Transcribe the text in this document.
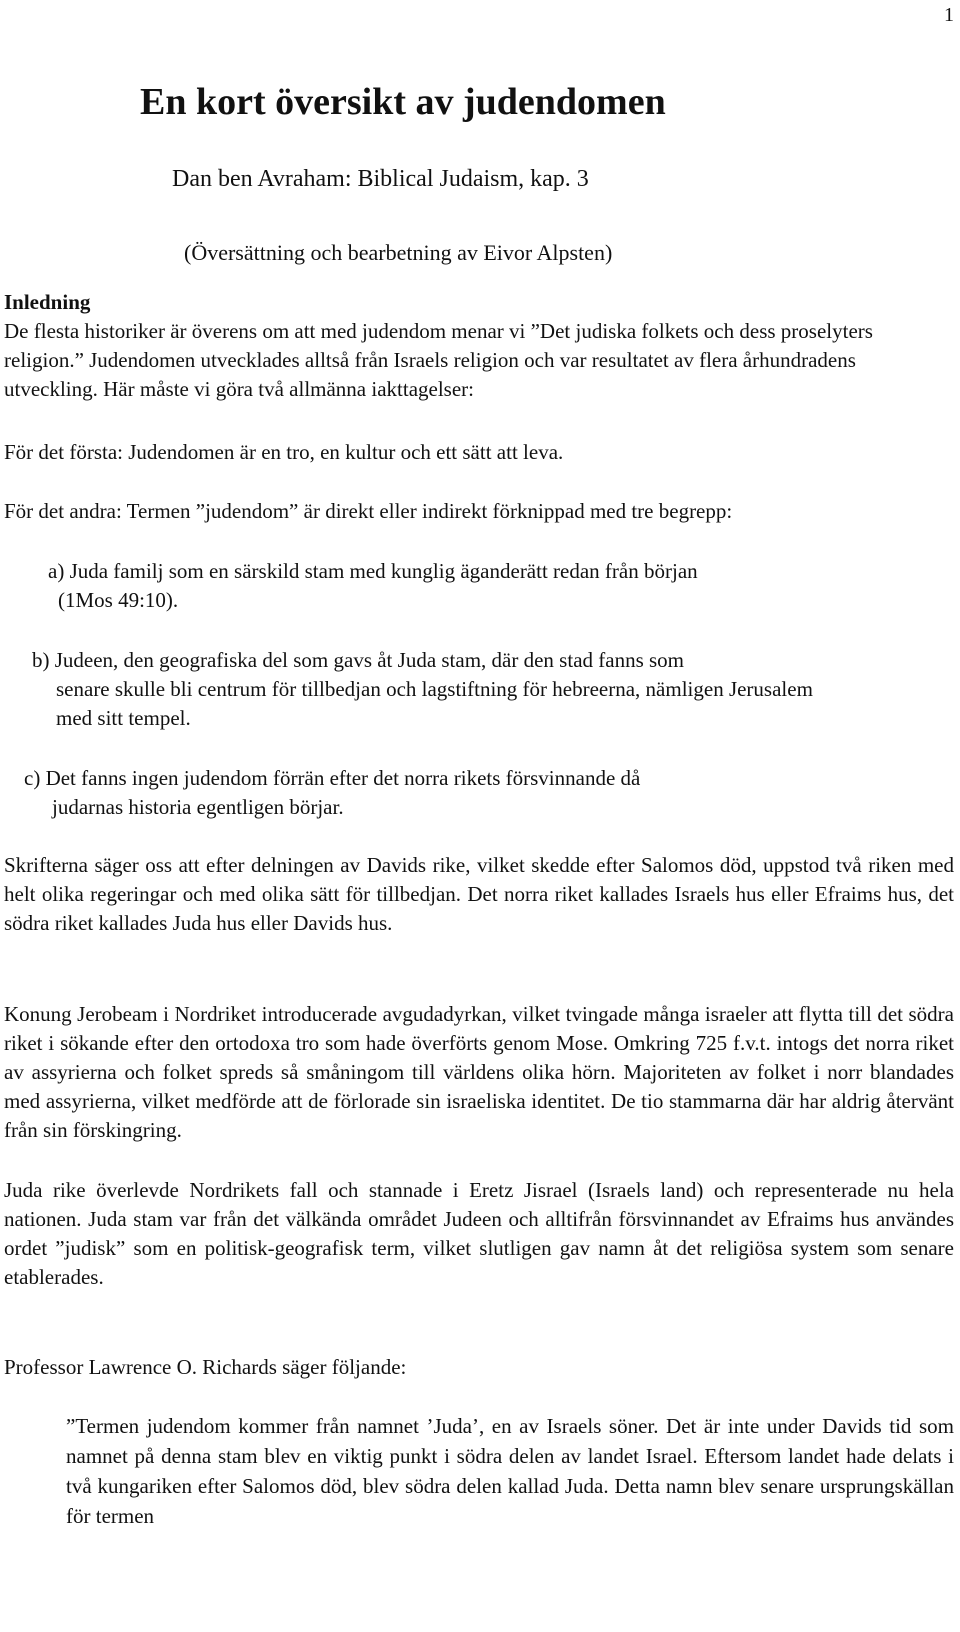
1
En kort översikt av judendomen
Dan ben Avraham: Biblical Judaism, kap. 3
(Översättning och bearbetning av Eivor Alpsten)
Inledning
De flesta historiker är överens om att med judendom menar vi ”Det judiska folkets och dess proselyters religion.” Judendomen utvecklades alltså från Israels religion och var resultatet av flera århundradens utveckling. Här måste vi göra två allmänna iakttagelser:

För det första: Judendomen är en tro, en kultur och ett sätt att leva.

För det andra: Termen ”judendom” är direkt eller indirekt förknippad med tre begrepp:

a) Juda familj som en särskild stam med kunglig äganderätt redan från början
(1Mos 49:10).
b) Judeen, den geografiska del som gavs åt Juda stam, där den stad fanns som
senare skulle bli centrum för tillbedjan och lagstiftning för hebreerna, nämligen Jerusalem med sitt tempel.
c) Det fanns ingen judendom förrän efter det norra rikets försvinnande då
judarnas historia egentligen börjar.

Skrifterna säger oss att efter delningen av Davids rike, vilket skedde efter Salomos död, uppstod två riken med helt olika regeringar och med olika sätt för tillbedjan. Det norra riket kallades Israels hus eller Efraims hus, det södra riket kallades Juda hus eller Davids hus.

Konung Jerobeam i Nordriket introducerade avgudadyrkan, vilket tvingade många israeler att flytta till det södra riket i sökande efter den ortodoxa tro som hade överförts genom Mose. Omkring 725 f.v.t. intogs det norra riket av assyrierna och folket spreds så småningom till världens olika hörn. Majoriteten av folket i norr blandades med assyrierna, vilket medförde att de förlorade sin israeliska identitet. De tio stammarna där har aldrig återvänt från sin förskingring.

Juda rike överlevde Nordrikets fall och stannade i Eretz Jisrael (Israels land) och representerade nu hela nationen. Juda stam var från det välkända området Judeen och alltifrån försvinnandet av Efraims hus användes ordet ”judisk” som en politisk-geografisk term, vilket slutligen gav namn åt det religiösa system som senare etablerades.

Professor Lawrence O. Richards säger följande:

”Termen judendom kommer från namnet ’Juda’, en av Israels söner. Det är inte under Davids tid som namnet på denna stam blev en viktig punkt i södra delen av landet Israel. Eftersom landet hade delats i två kungariken efter Salomos död, blev södra delen kallad Juda. Detta namn blev senare ursprungskällan för termen
